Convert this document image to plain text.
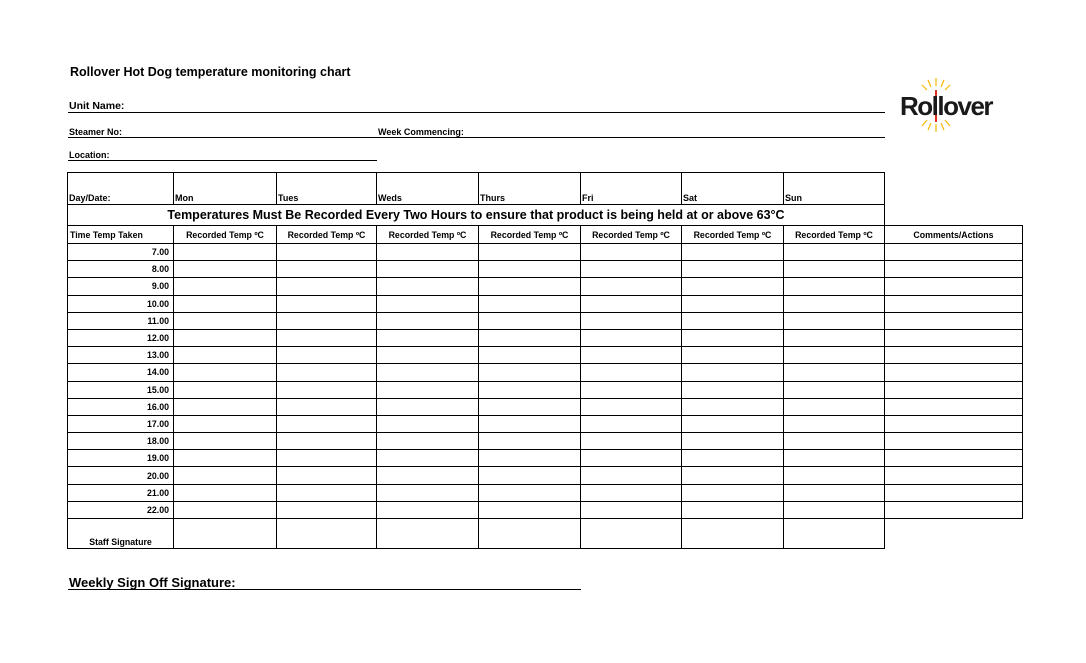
Rollover Hot Dog temperature monitoring chart
Rollover
Unit Name:
Steamer No:	Week Commencing:
Location:
Day/Date:	Mon	Tues	Weds	Thurs	Fri	Sat	Sun	
Temperatures Must Be Recorded Every Two Hours to ensure that product is being held at or above 63°C								
Time Temp Taken	Recorded Temp ºC	Recorded Temp ºC	Recorded Temp ºC	Recorded Temp ºC	Recorded Temp ºC	Recorded Temp ºC	Recorded Temp ºC	Comments/Actions
7.00								
8.00								
9.00								
10.00								
11.00								
12.00								
13.00								
14.00								
15.00								
16.00								
17.00								
18.00								
19.00								
20.00								
21.00								
22.00								
Staff Signature								
Weekly Sign Off Signature:
